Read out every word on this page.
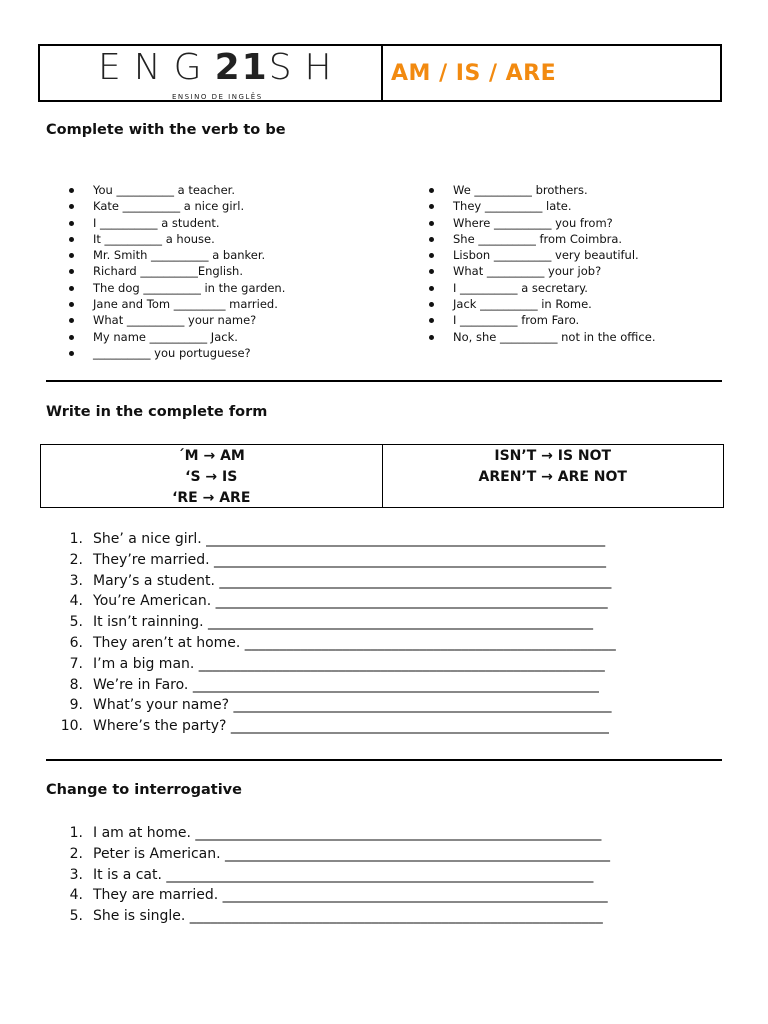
ENG21SH
ENSINO DE INGLÊS
AM / IS / ARE
Complete with the verb to be
You __________ a teacher.
Kate __________ a nice girl.
I __________ a student.
It __________ a house.
Mr. Smith __________ a banker.
Richard __________English.
The dog __________ in the garden.
Jane and Tom _________ married.
What __________ your name?
My name __________ Jack.
__________ you portuguese?
We __________ brothers.
They __________ late.
Where __________ you from?
She __________ from Coimbra.
Lisbon __________ very beautiful.
What __________ your job?
I __________ a secretary.
Jack __________ in Rome.
I __________ from Faro.
No, she __________ not in the office.
Write in the complete form
´M → AM
‘S → IS
‘RE → ARE
ISN’T → IS NOT
AREN’T → ARE NOT
1. She’ a nice girl. _________________________________________________________
2. They’re married. ________________________________________________________
3. Mary’s a student. ________________________________________________________
4. You’re American. ________________________________________________________
5. It isn’t rainning. _______________________________________________________
6. They aren’t at home. _____________________________________________________
7. I’m a big man. __________________________________________________________
8. We’re in Faro. __________________________________________________________
9. What’s your name? ______________________________________________________
10. Where’s the party? ______________________________________________________
Change to interrogative
1. I am at home. __________________________________________________________
2. Peter is American. _______________________________________________________
3. It is a cat. _____________________________________________________________
4. They are married. _______________________________________________________
5. She is single. ___________________________________________________________
